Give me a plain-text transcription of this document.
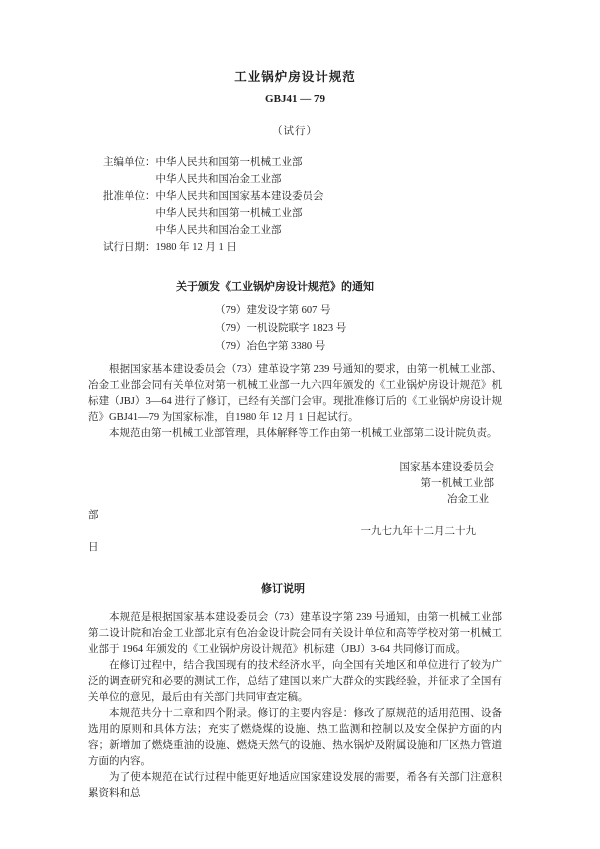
工业锅炉房设计规范
GBJ41 — 79
（试行）
主编单位： 中华人民共和国第一机械工业部
中华人民共和国冶金工业部
批准单位： 中华人民共和国国家基本建设委员会
中华人民共和国第一机械工业部
中华人民共和国冶金工业部
试行日期： 1980 年 12 月 1 日
关于颁发《工业锅炉房设计规范》的通知
（79）建发设字第 607 号
（79）一机设院联字 1823 号
（79）冶色字第 3380 号

根据国家基本建设委员会（73）建革设字第 239 号通知的要求，由第一机械工业部、冶金工业部会同有关单位对第一机械工业部一九六四年颁发的《工业锅炉房设计规范》机标建（JBJ）3—64 进行了修订，已经有关部门会审。现批准修订后的《工业锅炉房设计规范》GBJ41—79 为国家标准，自1980 年 12 月 1 日起试行。

本规范由第一机械工业部管理，具体解释等工作由第一机械工业部第二设计院负责。

国家基本建设委员会
第一机械工业部
冶金工业
部
一九七九年十二月二十九
日
修订说明

本规范是根据国家基本建设委员会（73）建革设字第 239 号通知，由第一机械工业部第二设计院和冶金工业部北京有色冶金设计院会同有关设计单位和高等学校对第一机械工业部于 1964 年颁发的《工业锅炉房设计规范》机标建（JBJ）3-64 共同修订而成。

在修订过程中，结合我国现有的技术经济水平，向全国有关地区和单位进行了较为广泛的调查研究和必要的测试工作，总结了建国以来广大群众的实践经验，并征求了全国有关单位的意见，最后由有关部门共同审查定稿。

本规范共分十二章和四个附录。修订的主要内容是：修改了原规范的适用范围、设备选用的原则和具体方法；充实了燃烧煤的设施、热工监测和控制以及安全保护方面的内容；新增加了燃烧重油的设施、燃烧天然气的设施、热水锅炉及附属设施和厂区热力管道方面的内容。

为了使本规范在试行过程中能更好地适应国家建设发展的需要，希各有关部门注意积累资料和总
